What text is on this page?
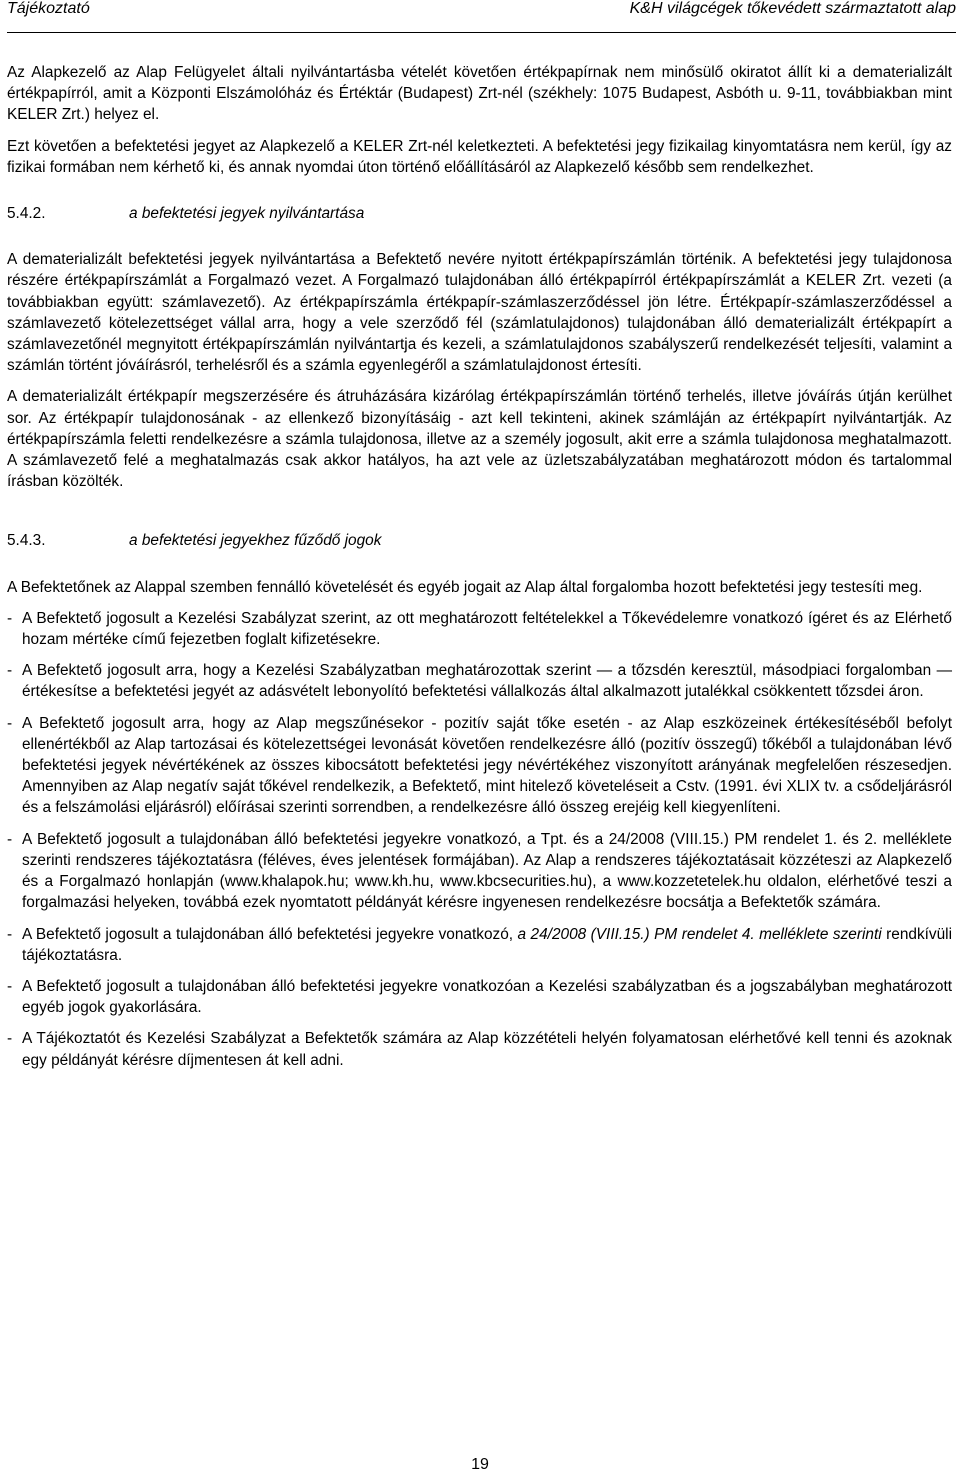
Tájékoztató	K&H világcégek tőkevédett származtatott alap

Az Alapkezelő az Alap Felügyelet általi nyilvántartásba vételét követően értékpapírnak nem minősülő okiratot állít ki a dematerializált értékpapírról, amit a Központi Elszámolóház és Értéktár (Budapest) Zrt-nél (székhely: 1075 Budapest, Asbóth u. 9-11, továbbiakban mint KELER Zrt.) helyez el.

Ezt követően a befektetési jegyet az Alapkezelő a KELER Zrt-nél keletkezteti. A befektetési jegy fizikailag kinyomtatásra nem kerül, így az fizikai formában nem kérhető ki, és annak nyomdai úton történő előállításáról az Alapkezelő később sem rendelkezhet.

5.4.2.	a befektetési jegyek nyilvántartása

A dematerializált befektetési jegyek nyilvántartása a Befektető nevére nyitott értékpapírszámlán történik. A befektetési jegy tulajdonosa részére értékpapírszámlát a Forgalmazó vezet. A Forgalmazó tulajdonában álló értékpapírról értékpapírszámlát a KELER Zrt. vezeti (a továbbiakban együtt: számlavezető). Az értékpapírszámla értékpapír-számlaszerződéssel jön létre. Értékpapír-számlaszerződéssel a számlavezető kötelezettséget vállal arra, hogy a vele szerződő fél (számlatulajdonos) tulajdonában álló dematerializált értékpapírt a számlavezetőnél megnyitott értékpapírszámlán nyilvántartja és kezeli, a számlatulajdonos szabályszerű rendelkezését teljesíti, valamint a számlán történt jóváírásról, terhelésről és a számla egyenlegéről a számlatulajdonost értesíti.

A dematerializált értékpapír megszerzésére és átruházására kizárólag értékpapírszámlán történő terhelés, illetve jóváírás útján kerülhet sor. Az értékpapír tulajdonosának - az ellenkező bizonyításáig - azt kell tekinteni, akinek számláján az értékpapírt nyilvántartják. Az értékpapírszámla feletti rendelkezésre a számla tulajdonosa, illetve az a személy jogosult, akit erre a számla tulajdonosa meghatalmazott. A számlavezető felé a meghatalmazás csak akkor hatályos, ha azt vele az üzletszabályzatában meghatározott módon és tartalommal írásban közölték.

5.4.3.	a befektetési jegyekhez fűződő jogok

A Befektetőnek az Alappal szemben fennálló követelését és egyéb jogait az Alap által forgalomba hozott befektetési jegy testesíti meg.

- A Befektető jogosult a Kezelési Szabályzat szerint, az ott meghatározott feltételekkel a Tőkevédelemre vonatkozó ígéret és az Elérhető hozam mértéke című fejezetben foglalt kifizetésekre.
- A Befektető jogosult arra, hogy a Kezelési Szabályzatban meghatározottak szerint — a tőzsdén keresztül, másodpiaci forgalomban — értékesítse a befektetési jegyét az adásvételt lebonyolító befektetési vállalkozás által alkalmazott jutalékkal csökkentett tőzsdei áron.
- A Befektető jogosult arra, hogy az Alap megszűnésekor - pozitív saját tőke esetén - az Alap eszközeinek értékesítéséből befolyt ellenértékből az Alap tartozásai és kötelezettségei levonását követően rendelkezésre álló (pozitív összegű) tőkéből a tulajdonában lévő befektetési jegyek névértékének az összes kibocsátott befektetési jegy névértékéhez viszonyított arányának megfelelően részesedjen. Amennyiben az Alap negatív saját tőkével rendelkezik, a Befektető, mint hitelező követeléseit a Cstv. (1991. évi XLIX tv. a csődeljárásról és a felszámolási eljárásról) előírásai szerinti sorrendben, a rendelkezésre álló összeg erejéig kell kiegyenlíteni.
- A Befektető jogosult a tulajdonában álló befektetési jegyekre vonatkozó, a Tpt. és a 24/2008 (VIII.15.) PM rendelet 1. és 2. melléklete szerinti rendszeres tájékoztatásra (féléves, éves jelentések formájában). Az Alap a rendszeres tájékoztatásait közzéteszi az Alapkezelő és a Forgalmazó honlapján (www.khalapok.hu; www.kh.hu, www.kbcsecurities.hu), a www.kozzetetelek.hu oldalon, elérhetővé teszi a forgalmazási helyeken, továbbá ezek nyomtatott példányát kérésre ingyenesen rendelkezésre bocsátja a Befektetők számára.
- A Befektető jogosult a tulajdonában álló befektetési jegyekre vonatkozó, a 24/2008 (VIII.15.) PM rendelet 4. melléklete szerinti rendkívüli tájékoztatásra.
- A Befektető jogosult a tulajdonában álló befektetési jegyekre vonatkozóan a Kezelési szabályzatban és a jogszabályban meghatározott egyéb jogok gyakorlására.
- A Tájékoztatót és Kezelési Szabályzat a Befektetők számára az Alap közzétételi helyén folyamatosan elérhetővé kell tenni és azoknak egy példányát kérésre díjmentesen át kell adni.
19
